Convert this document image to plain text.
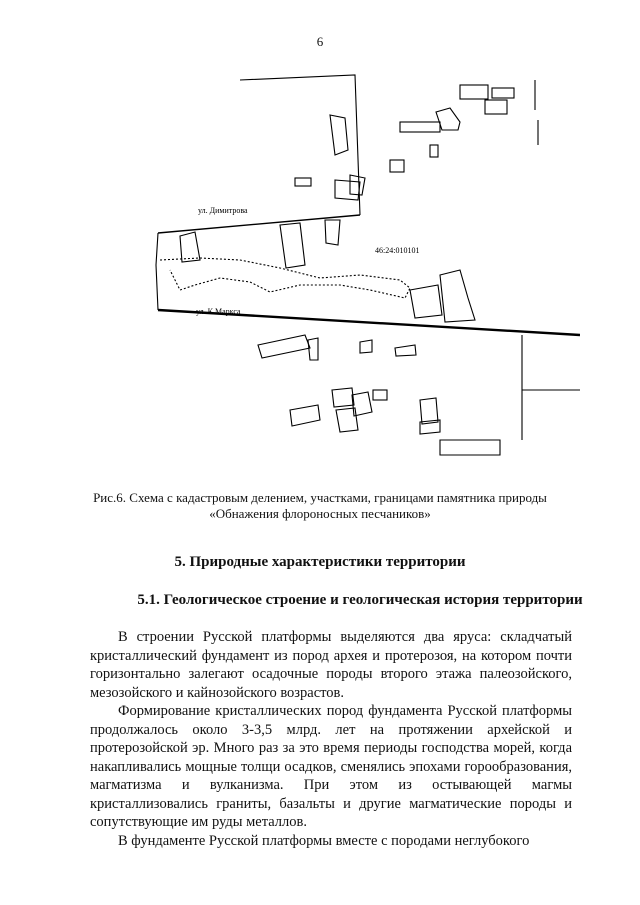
6
ул. Димитрова
ул. К.Маркса
46:24:010101
Рис.6. Схема с кадастровым делением, участками, границами памятника природы
«Обнажения флороносных песчаников»
5. Природные характеристики территории
5.1. Геологическое строение и геологическая история территории

В строении Русской платформы выделяются два яруса: складчатый кристаллический фундамент из пород архея и протерозоя, на котором почти горизонтально залегают осадочные породы второго этажа палеозойского, мезозойского и кайнозойского возрастов.

Формирование кристаллических пород фундамента Русской платформы продолжалось около 3-3,5 млрд. лет на протяжении архейской и протерозойской эр. Много раз за это время периоды господства морей, когда накапливались мощные толщи осадков, сменялись эпохами горообразования, магматизма и вулканизма. При этом из остывающей магмы кристаллизовались граниты, базальты и другие магматические породы и сопутствующие им руды металлов.

В фундаменте Русской платформы вместе с породами неглубокого
